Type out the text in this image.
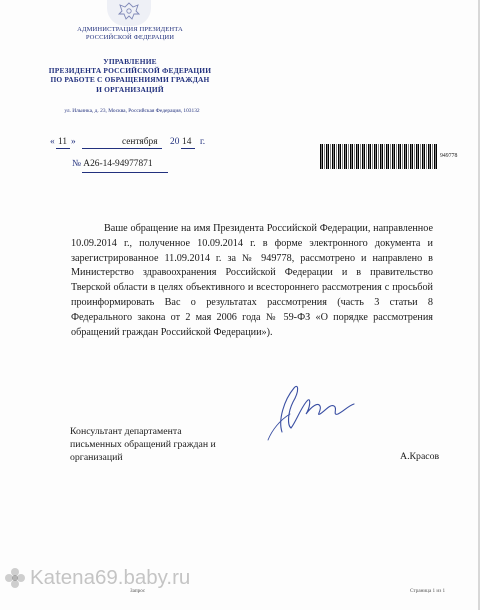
АДМИНИСТРАЦИЯ ПРЕЗИДЕНТА
РОССИЙСКОЙ ФЕДЕРАЦИИ
УПРАВЛЕНИЕ
ПРЕЗИДЕНТА РОССИЙСКОЙ ФЕДЕРАЦИИ
ПО РАБОТЕ С ОБРАЩЕНИЯМИ ГРАЖДАН
И ОРГАНИЗАЦИЙ
ул. Ильинка, д. 23, Москва, Российская Федерация, 103132
« 11 »	сентября 20 14 г.
№ А26-14-94977871
949778
Ваше обращение на имя Президента Российской Федерации, направленное 10.09.2014 г., полученное 10.09.2014 г. в форме электронного документа и зарегистрированное 11.09.2014 г. за № 949778, рассмотрено и направлено в Министерство здравоохранения Российской Федерации и в правительство Тверской области в целях объективного и всестороннего рассмотрения с просьбой проинформировать Вас о результатах рассмотрения (часть 3 статьи 8 Федерального закона от 2 мая 2006 года № 59-ФЗ «О порядке рассмотрения обращений граждан Российской Федерации»).
Консультант департамента
письменных обращений граждан и
организаций	А.Красов
Запрос	Страница 1 из 1
Katena69.baby.ru
